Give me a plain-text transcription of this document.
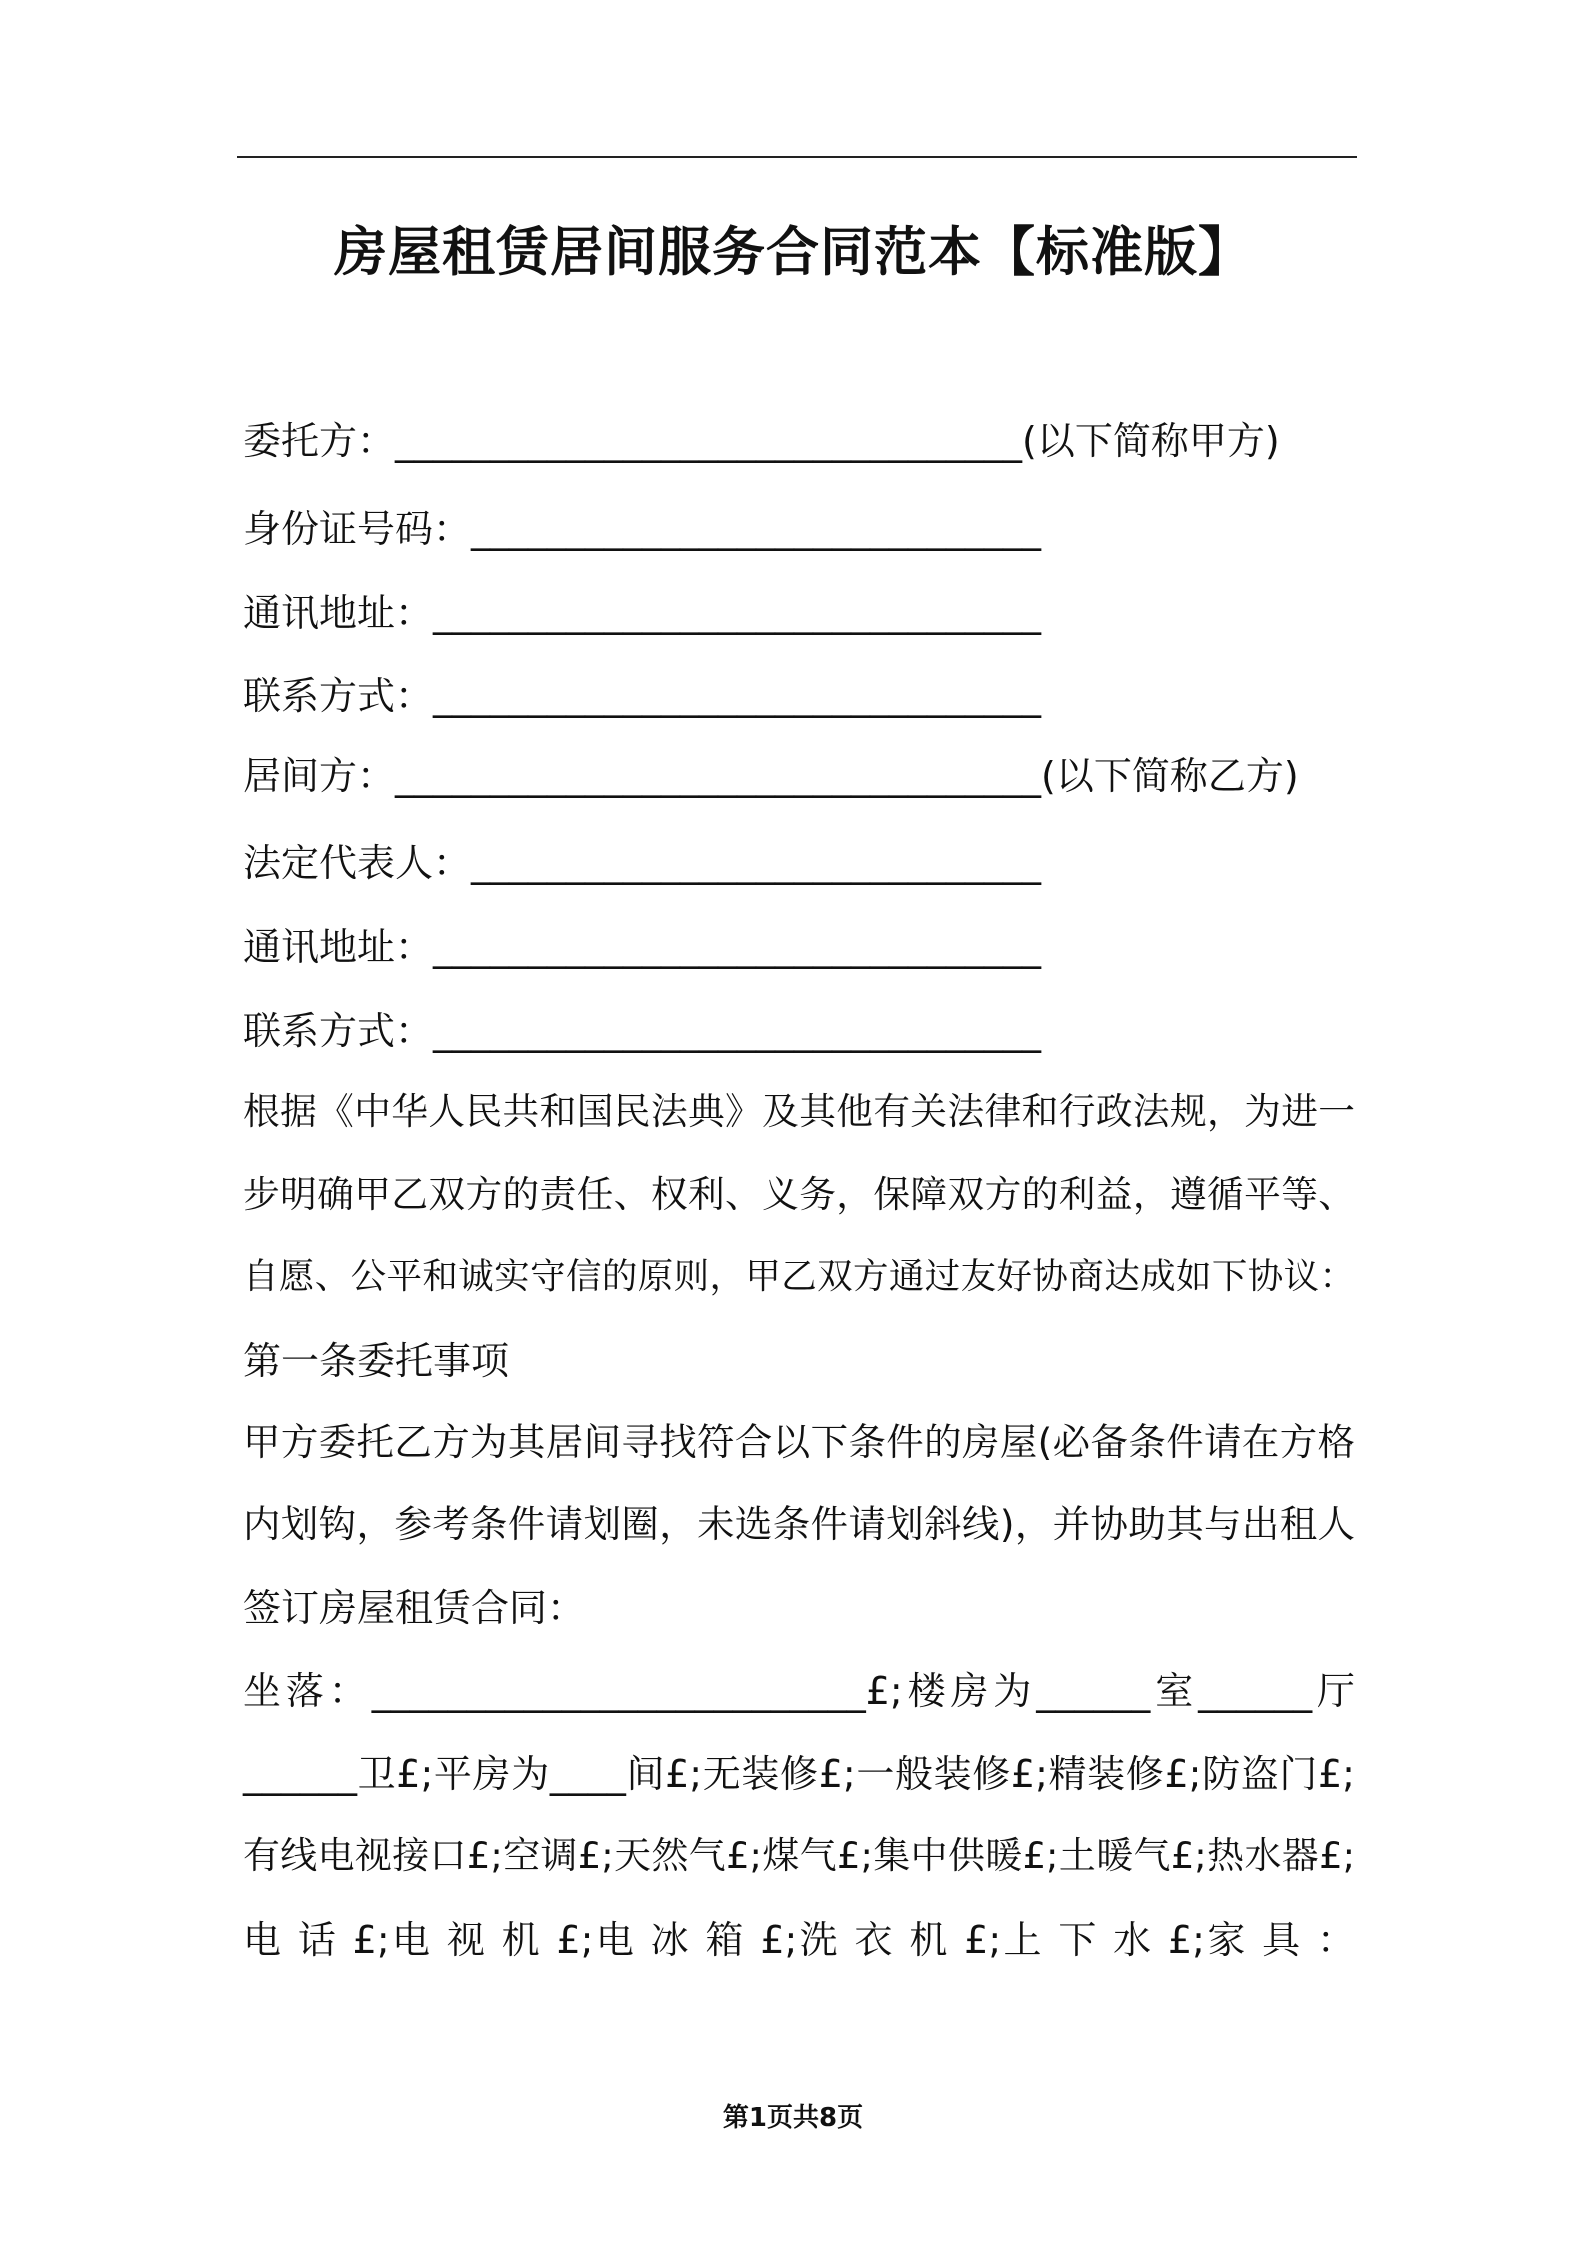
房屋租赁居间服务合同范本【标准版】
委托方：_________________________________(以下简称甲方)
身份证号码：______________________________
通讯地址：________________________________
联系方式：________________________________
居间方：__________________________________(以下简称乙方)
法定代表人：______________________________
通讯地址：________________________________
联系方式：________________________________
根据《中华人民共和国民法典》及其他有关法律和行政法规，为进一
步明确甲乙双方的责任、权利、义务，保障双方的利益，遵循平等、
自愿、公平和诚实守信的原则，甲乙双方通过友好协商达成如下协议：
第一条委托事项
甲方委托乙方为其居间寻找符合以下条件的房屋(必备条件请在方格
内划钩，参考条件请划圈，未选条件请划斜线)，并协助其与出租人
签订房屋租赁合同：
坐落：__________________________£;楼房为______室______厅
______卫£;平房为____间£;无装修£;一般装修£;精装修£;防盗门£;
有线电视接口£;空调£;天然气£;煤气£;集中供暖£;土暖气£;热水器£;
电 话 £;电 视 机 £;电 冰 箱 £;洗 衣 机 £;上 下 水 £;家 具 ：
第1页共8页
